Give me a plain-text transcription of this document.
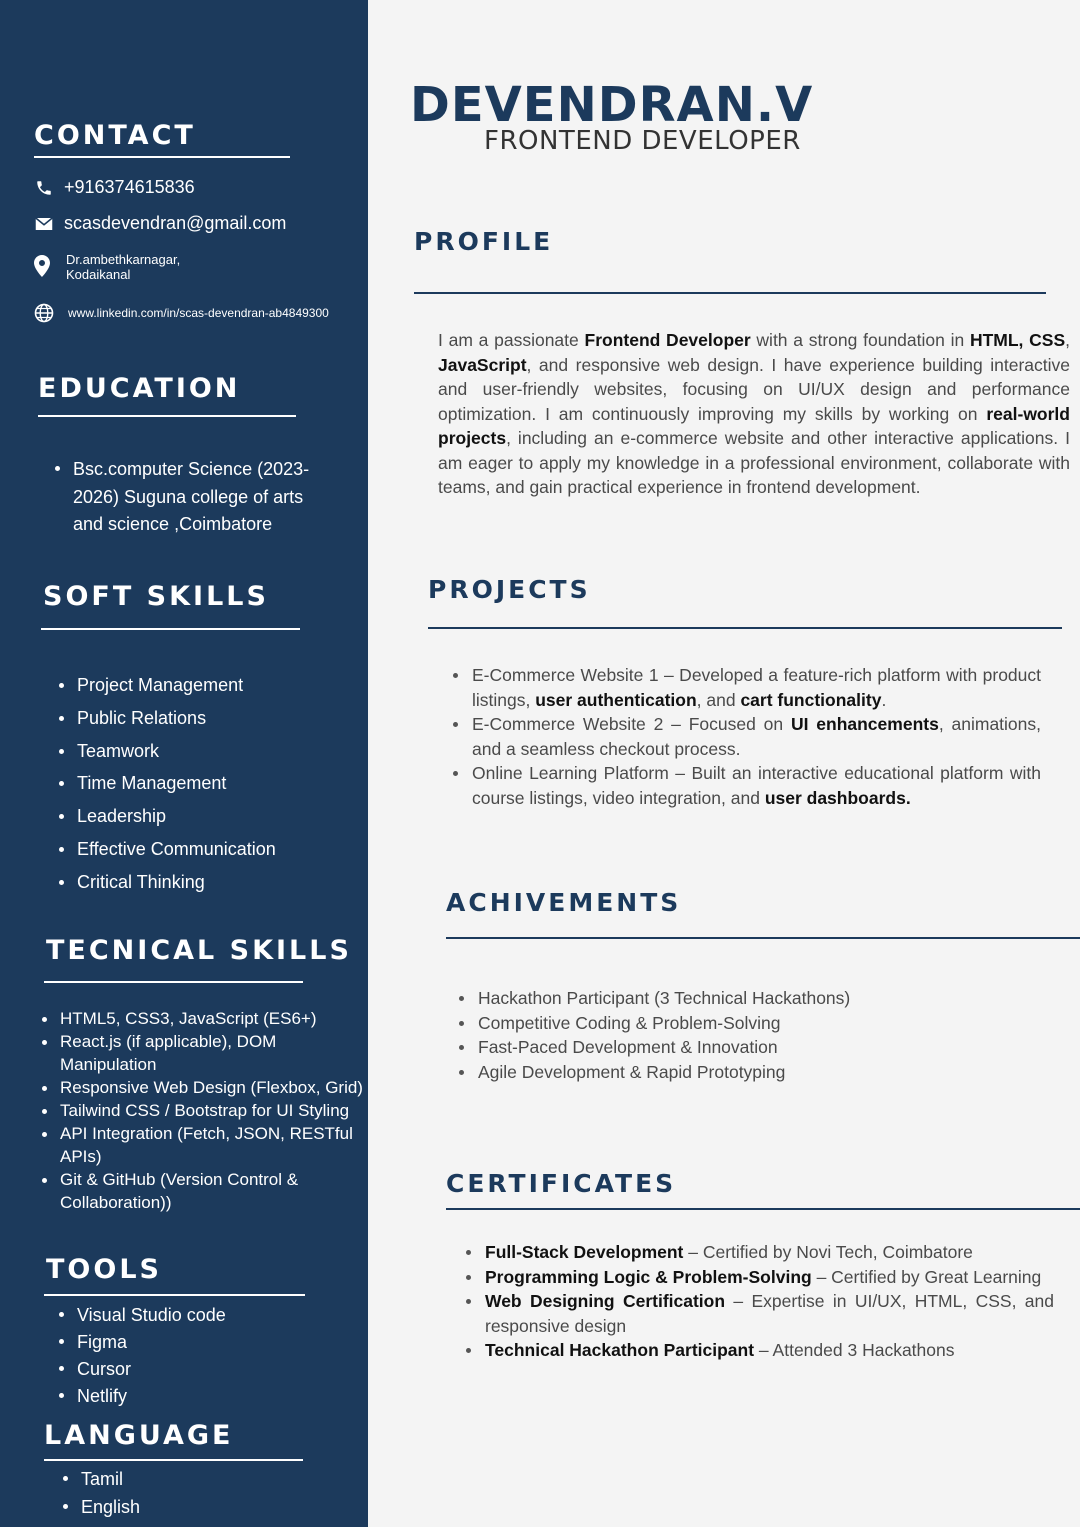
CONTACT
+916374615836
scasdevendran@gmail.com
Dr.ambethkarnagar,
Kodaikanal
www.linkedin.com/in/scas-devendran-ab4849300
EDUCATION
Bsc.computer Science (2023-2026) Suguna college of arts and science ,Coimbatore
SOFT SKILLS
Project Management
Public Relations
Teamwork
Time Management
Leadership
Effective Communication
Critical Thinking
TECNICAL SKILLS
HTML5, CSS3, JavaScript (ES6+)
React.js (if applicable), DOM Manipulation
Responsive Web Design (Flexbox, Grid)
Tailwind CSS / Bootstrap for UI Styling
API Integration (Fetch, JSON, RESTful APIs)
Git & GitHub (Version Control & Collaboration))
TOOLS
Visual Studio code
Figma
Cursor
Netlify
LANGUAGE
Tamil
English
DEVENDRAN.V
FRONTEND DEVELOPER
PROFILE

I am a passionate Frontend Developer with a strong foundation in HTML, CSS, JavaScript, and responsive web design. I have experience building interactive and user-friendly websites, focusing on UI/UX design and performance optimization. I am continuously improving my skills by working on real-world projects, including an e-commerce website and other interactive applications. I am eager to apply my knowledge in a professional environment, collaborate with teams, and gain practical experience in frontend development.

PROJECTS
E-Commerce Website 1 – Developed a feature-rich platform with product listings, user authentication, and cart functionality.
E-Commerce Website 2 – Focused on UI enhancements, animations, and a seamless checkout process.
Online Learning Platform – Built an interactive educational platform with course listings, video integration, and user dashboards.
ACHIVEMENTS
Hackathon Participant (3 Technical Hackathons)
Competitive Coding & Problem-Solving
Fast-Paced Development & Innovation
Agile Development & Rapid Prototyping
CERTIFICATES
Full-Stack Development – Certified by Novi Tech, Coimbatore
Programming Logic & Problem-Solving – Certified by Great Learning
Web Designing Certification – Expertise in UI/UX, HTML, CSS, and responsive design
Technical Hackathon Participant – Attended 3 Hackathons
